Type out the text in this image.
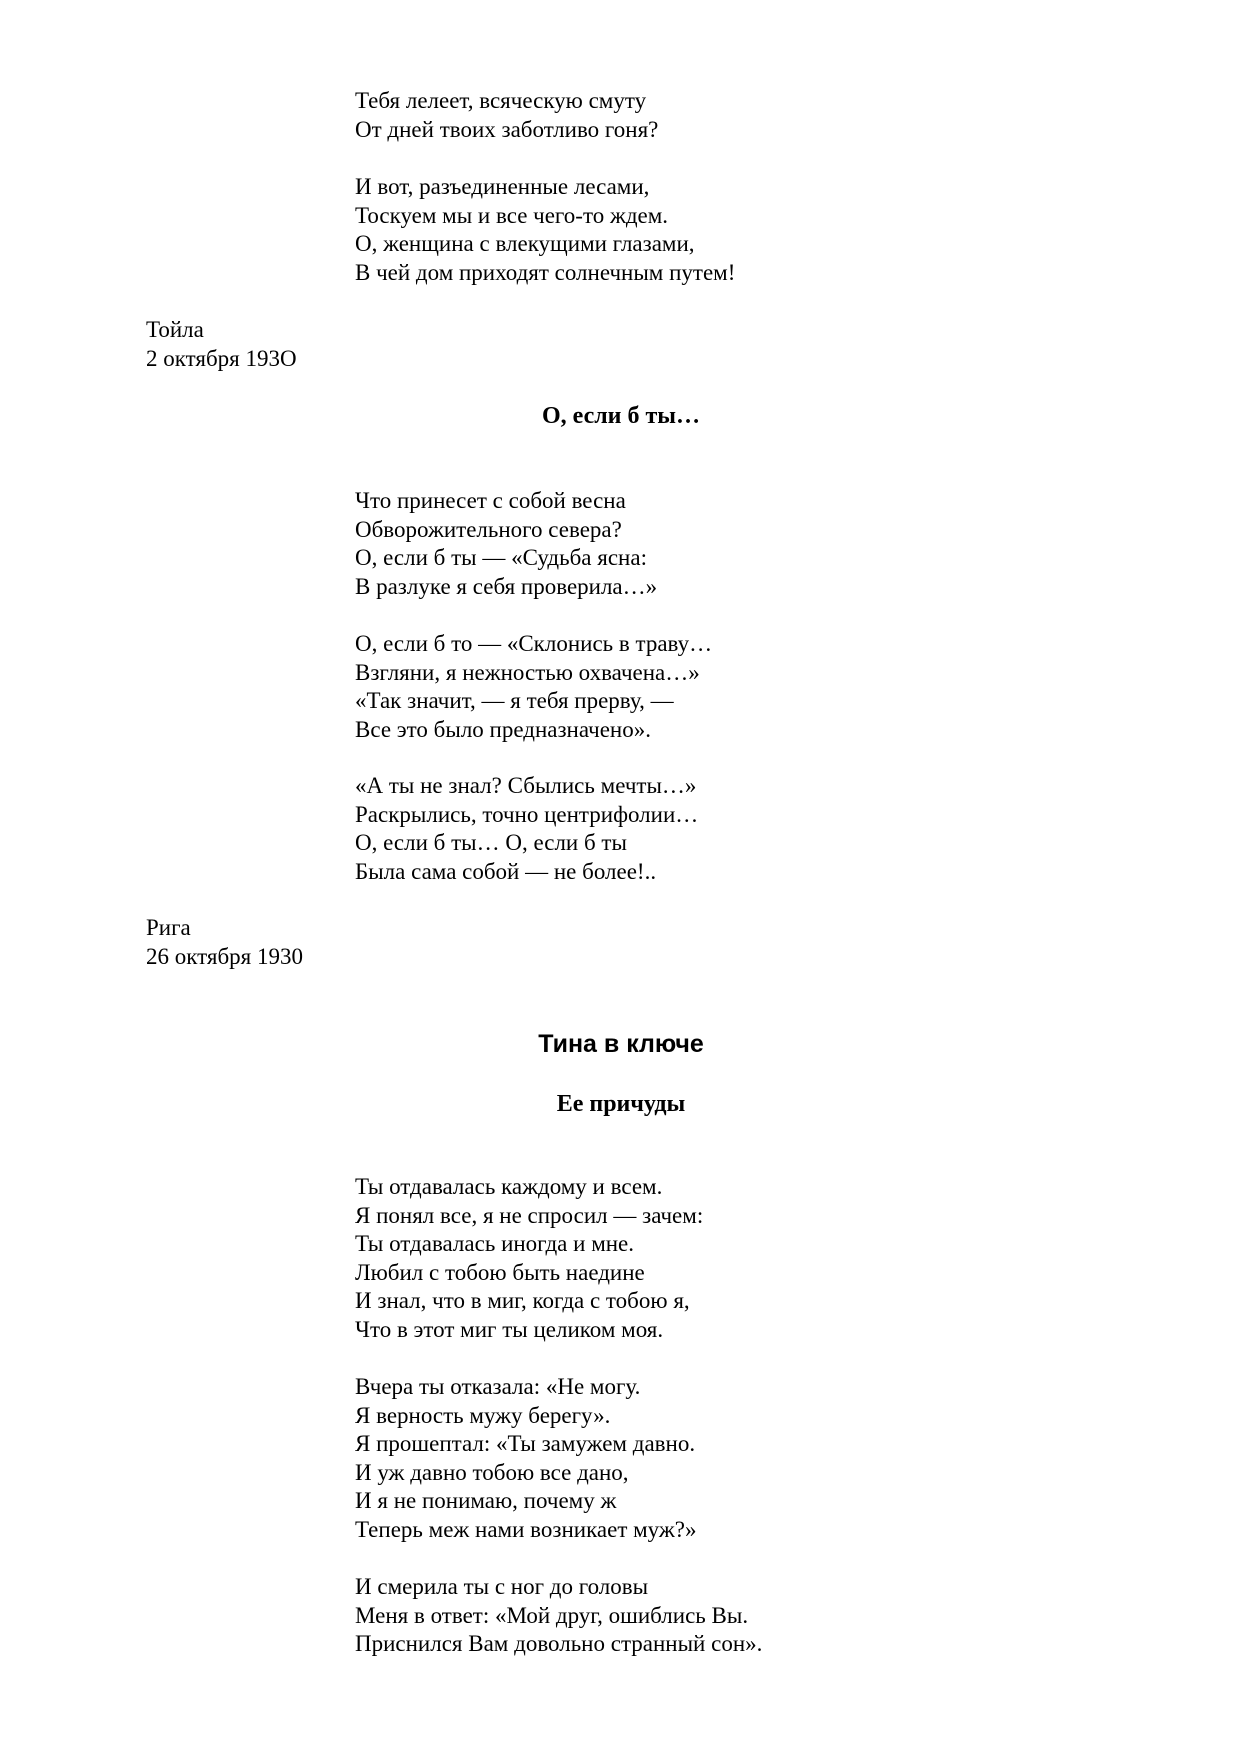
Тебя лелеет, всяческую смуту
От дней твоих заботливо гоня?
И вот, разъединенные лесами,
Тоскуем мы и все чего-то ждем.
О, женщина с влекущими глазами,
В чей дом приходят солнечным путем!
Тойла
2 октября 193О
О, если б ты…
Что принесет с собой весна
Обворожительного севера?
О, если б ты — «Судьба ясна:
В разлуке я себя проверила…»
О, если б то — «Склонись в траву…
Взгляни, я нежностью охвачена…»
«Так значит, — я тебя прерву, —
Все это было предназначено».
«А ты не знал? Сбылись мечты…»
Раскрылись, точно центрифолии…
О, если б ты… О, если б ты
Была сама собой — не более!..
Рига
26 октября 1930
Тина в ключе
Ее причуды
Ты отдавалась каждому и всем.
Я понял все, я не спросил — зачем:
Ты отдавалась иногда и мне.
Любил с тобою быть наедине
И знал, что в миг, когда с тобою я,
Что в этот миг ты целиком моя.
Вчера ты отказала: «Не могу.
Я верность мужу берегу».
Я прошептал: «Ты замужем давно.
И уж давно тобою все дано,
И я не понимаю, почему ж
Теперь меж нами возникает муж?»
И смерила ты с ног до головы
Меня в ответ: «Мой друг, ошиблись Вы.
Приснился Вам довольно странный сон».
